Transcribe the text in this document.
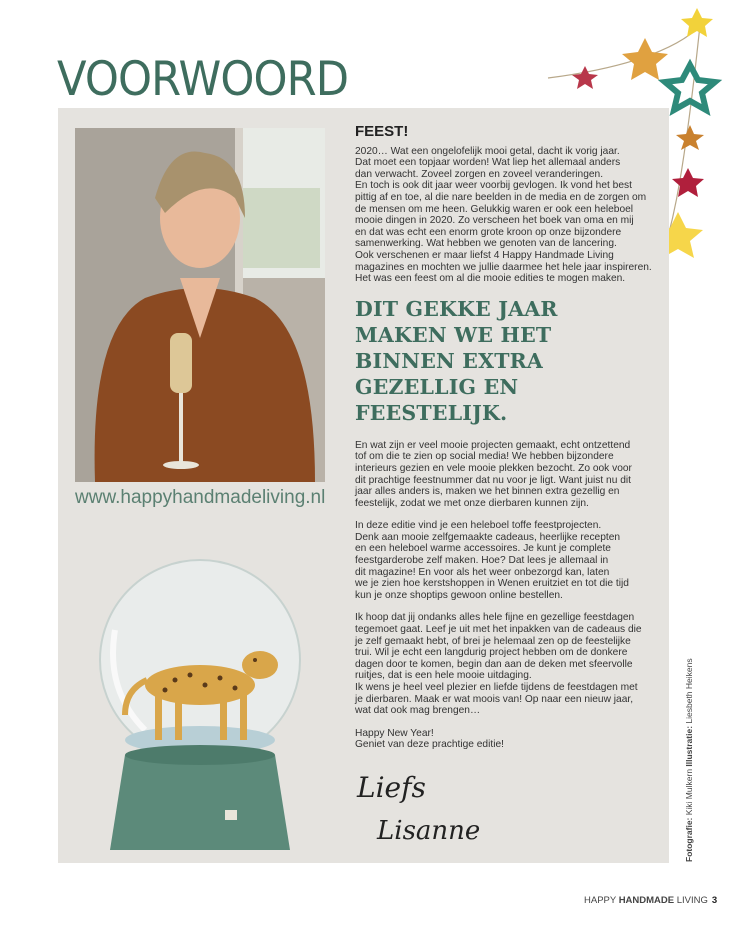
VOORWOORD
www.happyhandmadeliving.nl
FEEST!

2020… Wat een ongelofelijk mooi getal, dacht ik vorig jaar.
Dat moet een topjaar worden! Wat liep het allemaal anders
dan verwacht. Zoveel zorgen en zoveel veranderingen.
En toch is ook dit jaar weer voorbij gevlogen. Ik vond het best
pittig af en toe, al die nare beelden in de media en de zorgen om
de mensen om me heen. Gelukkig waren er ook een heleboel
mooie dingen in 2020. Zo verscheen het boek van oma en mij
en dat was echt een enorm grote kroon op onze bijzondere
samenwerking. Wat hebben we genoten van de lancering.
Ook verschenen er maar liefst 4 Happy Handmade Living
magazines en mochten we jullie daarmee het hele jaar inspireren.
Het was een feest om al die mooie edities te mogen maken.

DIT GEKKE JAAR MAKEN WE HET BINNEN EXTRA GEZELLIG EN FEESTELIJK.

En wat zijn er veel mooie projecten gemaakt, echt ontzettend
tof om die te zien op social media! We hebben bijzondere
interieurs gezien en vele mooie plekken bezocht. Zo ook voor
dit prachtige feestnummer dat nu voor je ligt. Want juist nu dit
jaar alles anders is, maken we het binnen extra gezellig en
feestelijk, zodat we met onze dierbaren kunnen zijn.

In deze editie vind je een heleboel toffe feestprojecten.
Denk aan mooie zelfgemaakte cadeaus, heerlijke recepten
en een heleboel warme accessoires. Je kunt je complete
feestgarderobe zelf maken. Hoe? Dat lees je allemaal in
dit magazine! En voor als het weer onbezorgd kan, laten
we je zien hoe kerstshoppen in Wenen eruitziet en tot die tijd
kun je onze shoptips gewoon online bestellen.

Ik hoop dat jij ondanks alles hele fijne en gezellige feestdagen
tegemoet gaat. Leef je uit met het inpakken van de cadeaus die
je zelf gemaakt hebt, of brei je helemaal zen op de feestelijke
trui. Wil je echt een langdurig project hebben om de donkere
dagen door te komen, begin dan aan de deken met sfeervolle
ruitjes, dat is een hele mooie uitdaging.
Ik wens je heel veel plezier en liefde tijdens de feestdagen met
je dierbaren. Maak er wat moois van! Op naar een nieuw jaar,
wat dat ook mag brengen…

Happy New Year!
Geniet van deze prachtige editie!

Liefs
Lisanne	Fotografie: Kiki Mulkern Illustratie: Liesbeth Heikens
HAPPY HANDMADE LIVING 3
